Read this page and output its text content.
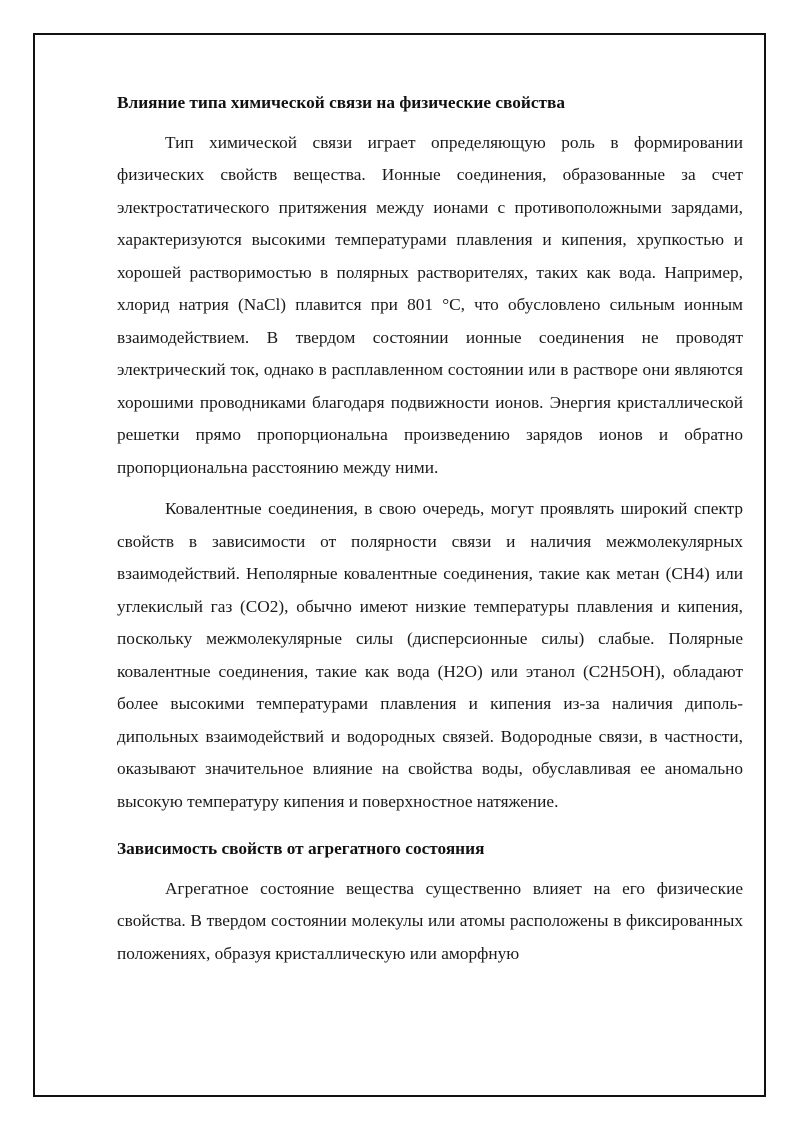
Влияние типа химической связи на физические свойства

Тип химической связи играет определяющую роль в формировании физических свойств вещества. Ионные соединения, образованные за счет электростатического притяжения между ионами с противоположными зарядами, характеризуются высокими температурами плавления и кипения, хрупкостью и хорошей растворимостью в полярных растворителях, таких как вода. Например, хлорид натрия (NaCl) плавится при 801 °C, что обусловлено сильным ионным взаимодействием. В твердом состоянии ионные соединения не проводят электрический ток, однако в расплавленном состоянии или в растворе они являются хорошими проводниками благодаря подвижности ионов. Энергия кристаллической решетки прямо пропорциональна произведению зарядов ионов и обратно пропорциональна расстоянию между ними.

Ковалентные соединения, в свою очередь, могут проявлять широкий спектр свойств в зависимости от полярности связи и наличия межмолекулярных взаимодействий. Неполярные ковалентные соединения, такие как метан (CH4) или углекислый газ (CO2), обычно имеют низкие температуры плавления и кипения, поскольку межмолекулярные силы (дисперсионные силы) слабые. Полярные ковалентные соединения, такие как вода (H2O) или этанол (C2H5OH), обладают более высокими температурами плавления и кипения из-за наличия диполь-дипольных взаимодействий и водородных связей. Водородные связи, в частности, оказывают значительное влияние на свойства воды, обуславливая ее аномально высокую температуру кипения и поверхностное натяжение.

Зависимость свойств от агрегатного состояния

Агрегатное состояние вещества существенно влияет на его физические свойства. В твердом состоянии молекулы или атомы расположены в фиксированных положениях, образуя кристаллическую или аморфную
